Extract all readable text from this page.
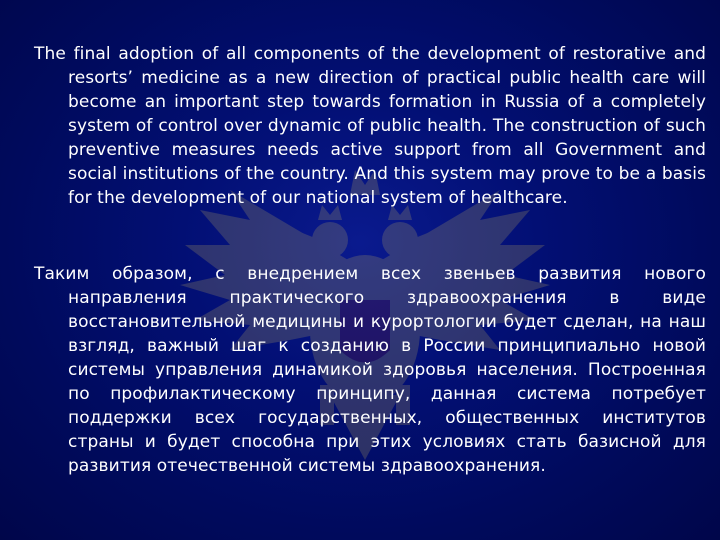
The final adoption of all components of the development of restorative and resorts’ medicine as a new direction of practical public health care will become an important step towards formation in Russia of a completely system of control over dynamic of public health. The construction of such preventive measures needs active support from all Government and social institutions of the country. And this system may prove to be a basis for the development of our national system of healthcare.
Таким образом, с внедрением всех звеньев развития нового направления практического здравоохранения в виде восстановительной медицины и курортологии будет сделан, на наш взгляд, важный шаг к созданию в России принципиально новой системы управления динамикой здоровья населения. Построенная по профилактическому принципу, данная система потребует поддержки всех государственных, общественных институтов страны и будет способна при этих условиях стать базисной для развития отечественной системы здравоохранения.
